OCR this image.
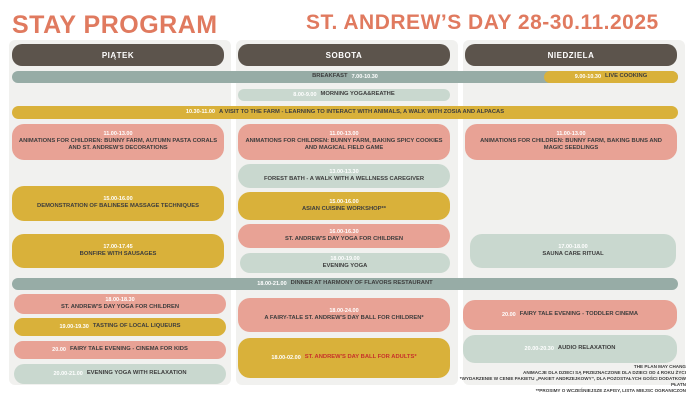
STAY PROGRAM	ST. ANDREW’S DAY 28-30.11.2025
PIĄTEK	SOBOTA	NIEDZIELA
BREAKFAST 7.00-10.30	9.00-10.30 LIVE COOKING
8.00-9.00 MORNING YOGA&REATHE
10.30-11.00 A VISIT TO THE FARM - LEARNING TO INTERACT WITH ANIMALS, A WALK WITH ZOSIA AND ALPACAS
11.00-13.00
ANIMATIONS FOR CHILDREN: BUNNY FARM, AUTUMN PASTA CORALS AND ST. ANDREW'S DECORATIONS
11.00-13.00
ANIMATIONS FOR CHILDREN: BUNNY FARM, BAKING SPICY COOKIES AND MAGICAL FIELD GAME
11.00-13.00
ANIMATIONS FOR CHILDREN: BUNNY FARM, BAKING BUNS AND MAGIC SEEDLINGS
13.00-13.30
FOREST BATH - A WALK WITH A WELLNESS CAREGIVER
15.00-16.00
DEMONSTRATION OF BALINESE MASSAGE TECHNIQUES
15.00-16.00
ASIAN CUISINE WORKSHOP**
16.00-16.30
ST. ANDREW'S DAY YOGA FOR CHILDREN
17.00-17.45
BONFIRE WITH SAUSAGES
17.00-18.00
SAUNA CARE RITUAL
18.00-19.00
EVENING YOGA
18.00-21.00 DINNER AT HARMONY OF FLAVORS RESTAURANT
18.00-18.30
ST. ANDREW'S DAY YOGA FOR CHILDREN
19.00-19.30 TASTING OF LOCAL LIQUEURS
20.00 FAIRY TALE EVENING - CINEMA FOR KIDS
20.00-21.00 EVENING YOGA WITH RELAXATION
18.00-24.00
A FAIRY-TALE ST. ANDREW'S DAY BALL FOR CHILDREN*
18.00-02.00 ST. ANDREW'S DAY BALL FOR ADULTS*
20.00 FAIRY TALE EVENING - TODDLER CINEMA
20.00-20.30 AUDIO RELAXATION
THE PLAN MAY CHANG
ANIMACJE DLA DZIECI SĄ PRZEZNACZONE DLA DZIECI OD 4 ROKU ŻYCI
*WYDARZENIE W CENIE PAKIETU „PAKIET ANDRZEJKOWY”, DLA POZOSTAŁYCH GOŚCI DODATKOW
PŁATN
**PROSIMY O WCZEŚNIEJSZE ZAPISY, LISTA MIEJSC OGRANICZON
